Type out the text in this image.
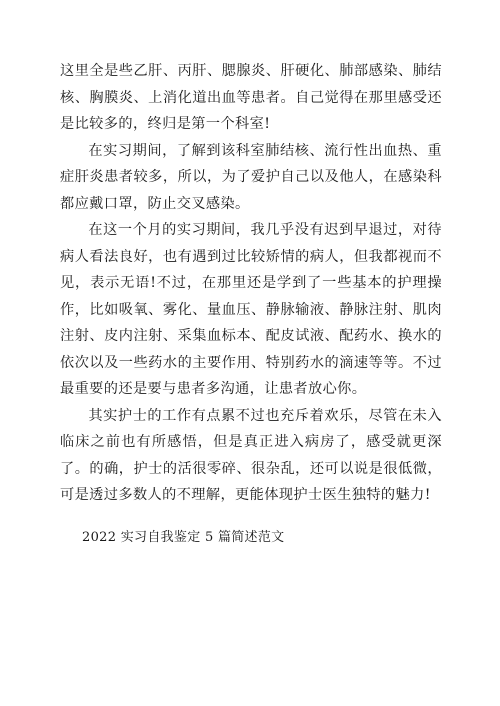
这里全是些乙肝、丙肝、腮腺炎、肝硬化、肺部感染、肺结核、胸膜炎、上消化道出血等患者。自己觉得在那里感受还是比较多的，终归是第一个科室!

在实习期间，了解到该科室肺结核、流行性出血热、重症肝炎患者较多，所以，为了爱护自己以及他人，在感染科都应戴口罩，防止交叉感染。

在这一个月的实习期间，我几乎没有迟到早退过，对待病人看法良好，也有遇到过比较矫情的病人，但我都视而不见，表示无语!不过，在那里还是学到了一些基本的护理操作，比如吸氧、雾化、量血压、静脉输液、静脉注射、肌肉注射、皮内注射、采集血标本、配皮试液、配药水、换水的依次以及一些药水的主要作用、特别药水的滴速等等。不过最重要的还是要与患者多沟通，让患者放心你。

其实护士的工作有点累不过也充斥着欢乐，尽管在未入临床之前也有所感悟，但是真正进入病房了，感受就更深了。的确，护士的活很零碎、很杂乱，还可以说是很低微，可是透过多数人的不理解，更能体现护士医生独特的魅力!

2022 实习自我鉴定 5 篇简述范文
